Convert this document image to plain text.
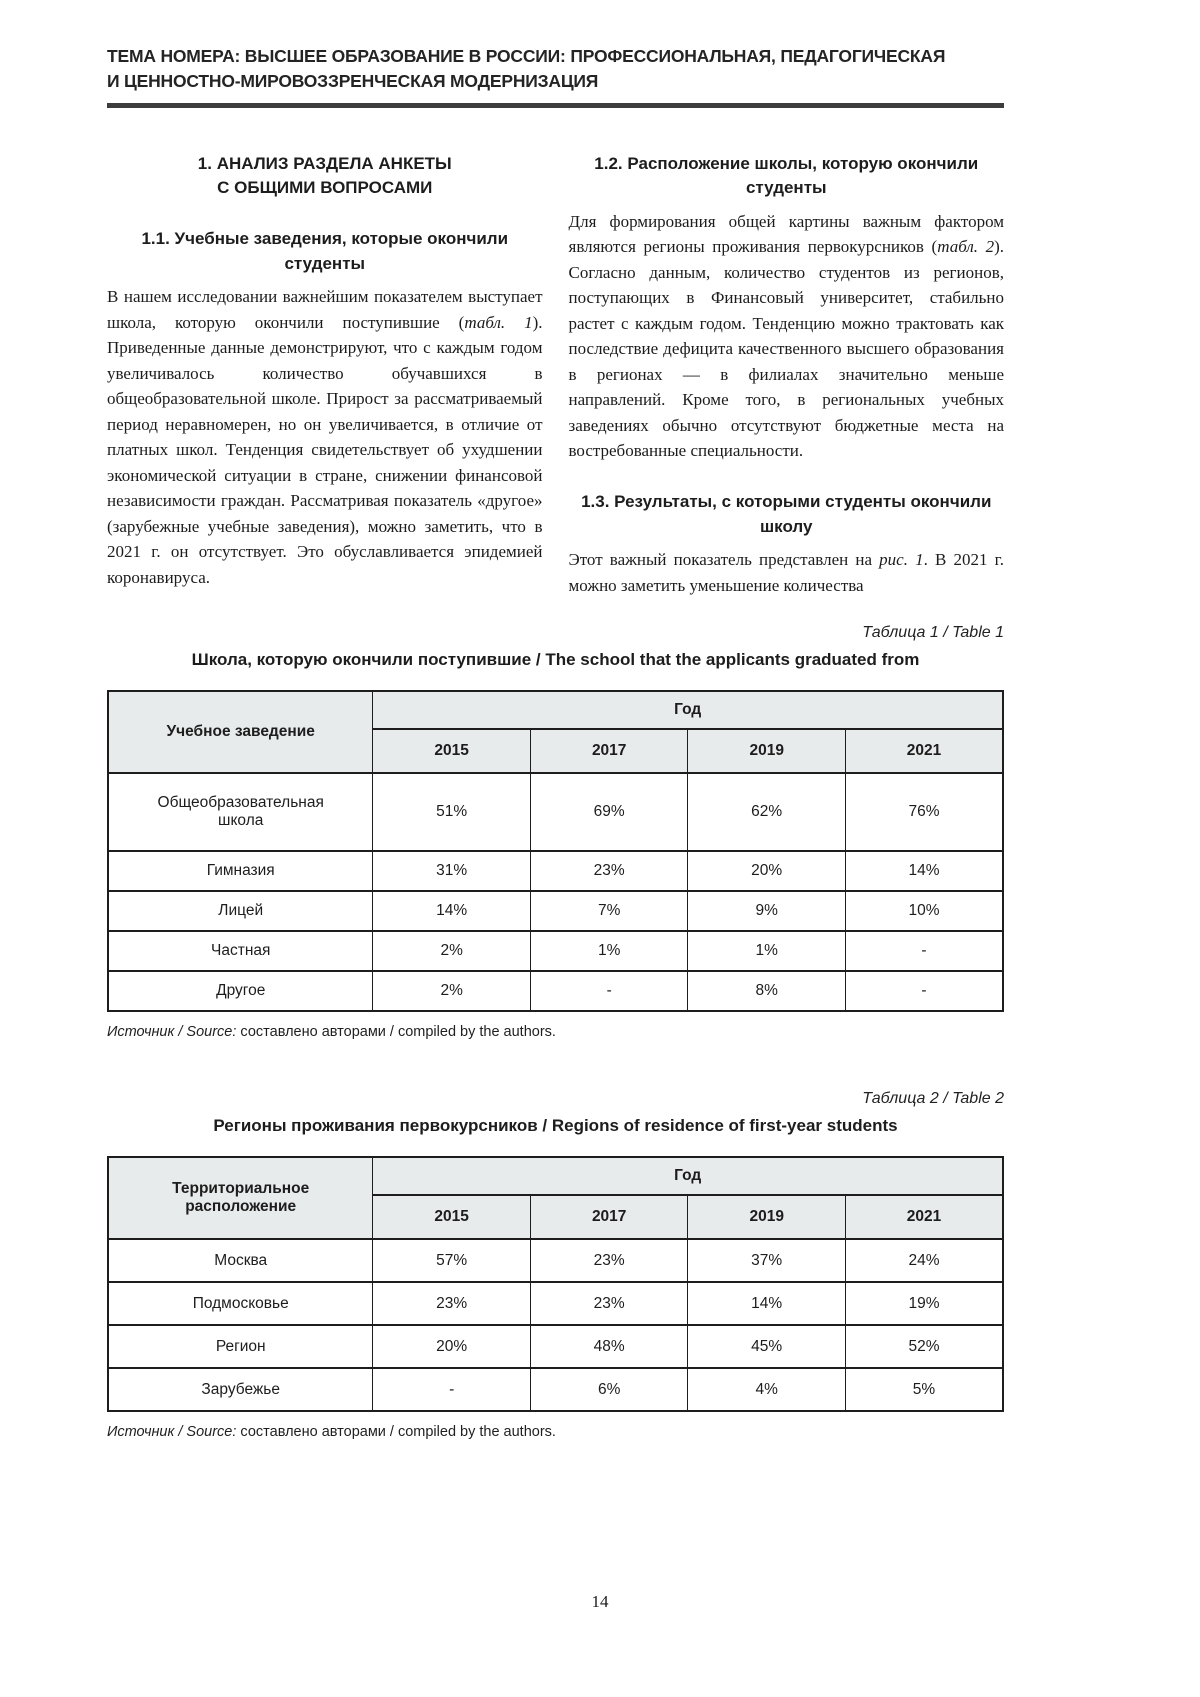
ТЕМА НОМЕРА: ВЫСШЕЕ ОБРАЗОВАНИЕ В РОССИИ: ПРОФЕССИОНАЛЬНАЯ, ПЕДАГОГИЧЕСКАЯ
И ЦЕННОСТНО-МИРОВОЗЗРЕНЧЕСКАЯ МОДЕРНИЗАЦИЯ
1. АНАЛИЗ РАЗДЕЛА АНКЕТЫ
С ОБЩИМИ ВОПРОСАМИ
1.1. Учебные заведения, которые окончили
студенты
В нашем исследовании важнейшим показателем выступает школа, которую окончили поступившие (табл. 1). Приведенные данные демонстрируют, что с каждым годом увеличивалось количество обучавшихся в общеобразовательной школе. Прирост за рассматриваемый период неравномерен, но он увеличивается, в отличие от платных школ. Тенденция свидетельствует об ухудшении экономической ситуации в стране, снижении финансовой независимости граждан. Рассматривая показатель «другое» (зарубежные учебные заведения), можно заметить, что в 2021 г. он отсутствует. Это обуславливается эпидемией коронавируса.
1.2. Расположение школы, которую окончили
студенты
Для формирования общей картины важным фактором являются регионы проживания первокурсников (табл. 2). Согласно данным, количество студентов из регионов, поступающих в Финансовый университет, стабильно растет с каждым годом. Тенденцию можно трактовать как последствие дефицита качественного высшего образования в регионах — в филиалах значительно меньше направлений. Кроме того, в региональных учебных заведениях обычно отсутствуют бюджетные места на востребованные специальности.
1.3. Результаты, с которыми студенты окончили
школу
Этот важный показатель представлен на рис. 1. В 2021 г. можно заметить уменьшение количества
Таблица 1 / Table 1
Школа, которую окончили поступившие / The school that the applicants graduated from
Учебное заведение	Год			
	2015	2017	2019	2021
Общеобразовательная
школа	51%	69%	62%	76%
Гимназия	31%	23%	20%	14%
Лицей	14%	7%	9%	10%
Частная	2%	1%	1%	-
Другое	2%	-	8%	-
Источник / Source: составлено авторами / compiled by the authors.
Таблица 2 / Table 2
Регионы проживания первокурсников / Regions of residence of first-year students
Территориальное
расположение	Год			
	2015	2017	2019	2021
Москва	57%	23%	37%	24%
Подмосковье	23%	23%	14%	19%
Регион	20%	48%	45%	52%
Зарубежье	-	6%	4%	5%
Источник / Source: составлено авторами / compiled by the authors.
14
